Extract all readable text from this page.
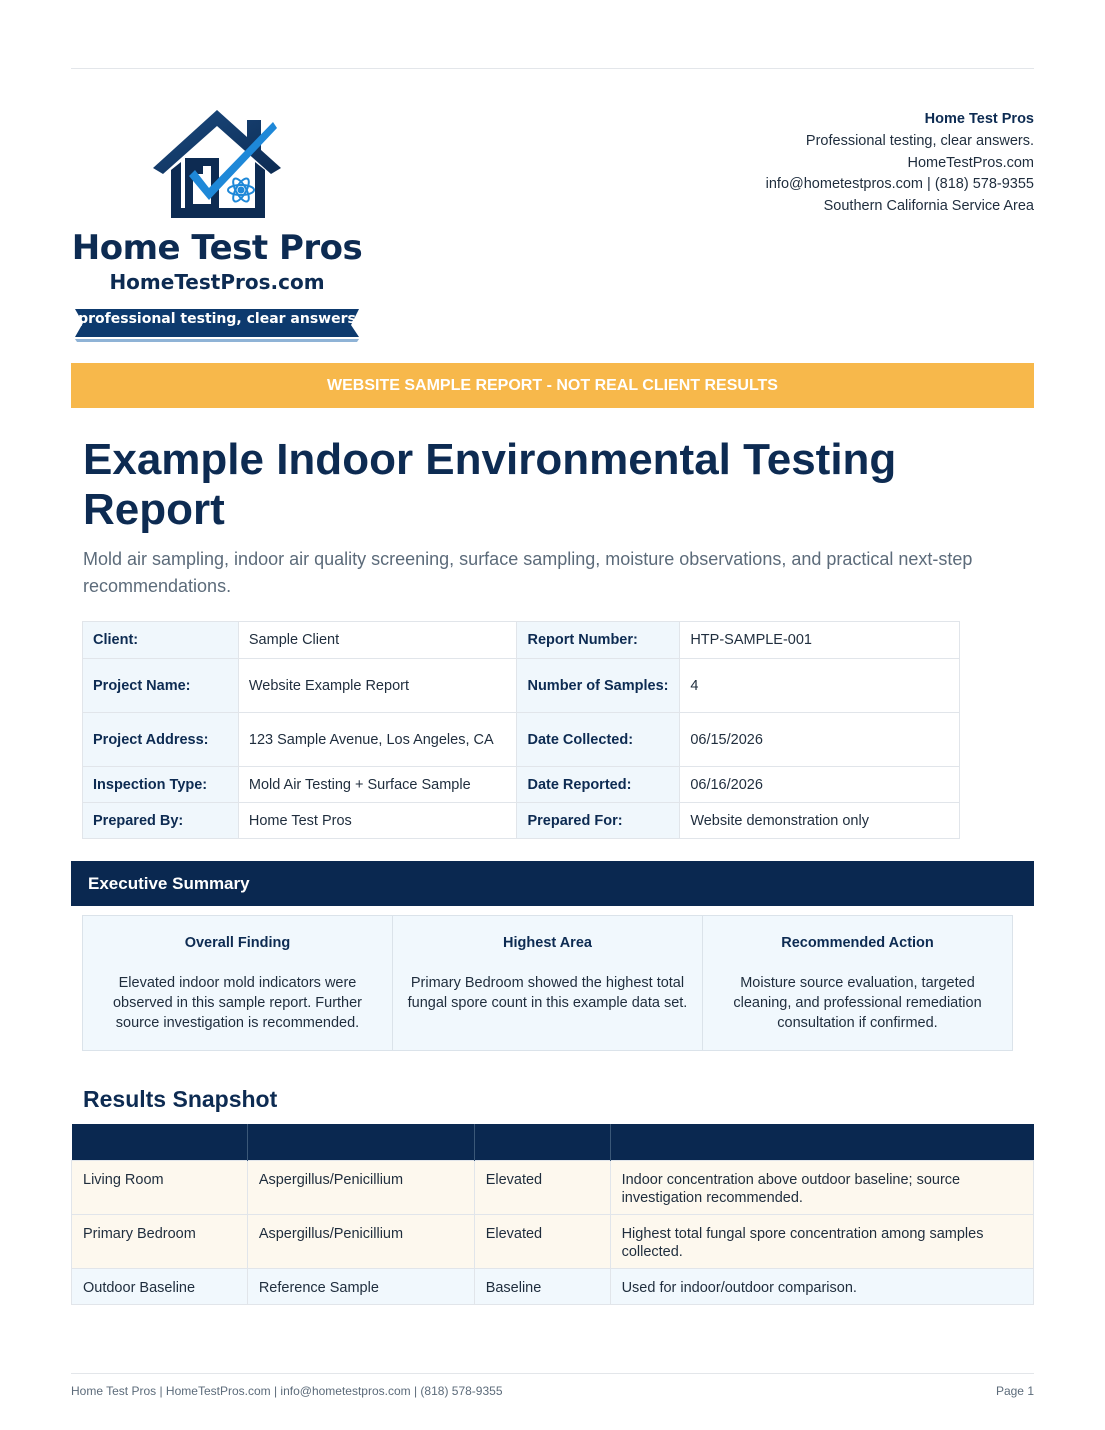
Home Test Pros
HomeTestPros.com
professional testing, clear answers
Home Test Pros
Professional testing, clear answers.
HomeTestPros.com
info@hometestpros.com | (818) 578-9355
Southern California Service Area
WEBSITE SAMPLE REPORT - NOT REAL CLIENT RESULTS
Example Indoor Environmental Testing Report
Mold air sampling, indoor air quality screening, surface sampling, moisture observations, and practical next-step recommendations.
Client:	Sample Client	Report Number:	HTP-SAMPLE-001
Project Name:	Website Example Report	Number of Samples:	4
Project Address:	123 Sample Avenue, Los Angeles, CA	Date Collected:	06/15/2026
Inspection Type:	Mold Air Testing + Surface Sample	Date Reported:	06/16/2026
Prepared By:	Home Test Pros	Prepared For:	Website demonstration only
Executive Summary
Overall Finding
Elevated indoor mold indicators were observed in this sample report. Further source investigation is recommended.
Highest Area
Primary Bedroom showed the highest total fungal spore count in this example data set.
Recommended Action
Moisture source evaluation, targeted cleaning, and professional remediation consultation if confirmed.
Results Snapshot

Living Room	Aspergillus/Penicillium	Elevated	Indoor concentration above outdoor baseline; source investigation recommended.
Primary Bedroom	Aspergillus/Penicillium	Elevated	Highest total fungal spore concentration among samples collected.
Outdoor Baseline	Reference Sample	Baseline	Used for indoor/outdoor comparison.
Home Test Pros | HomeTestPros.com | info@hometestpros.com | (818) 578-9355	Page 1
